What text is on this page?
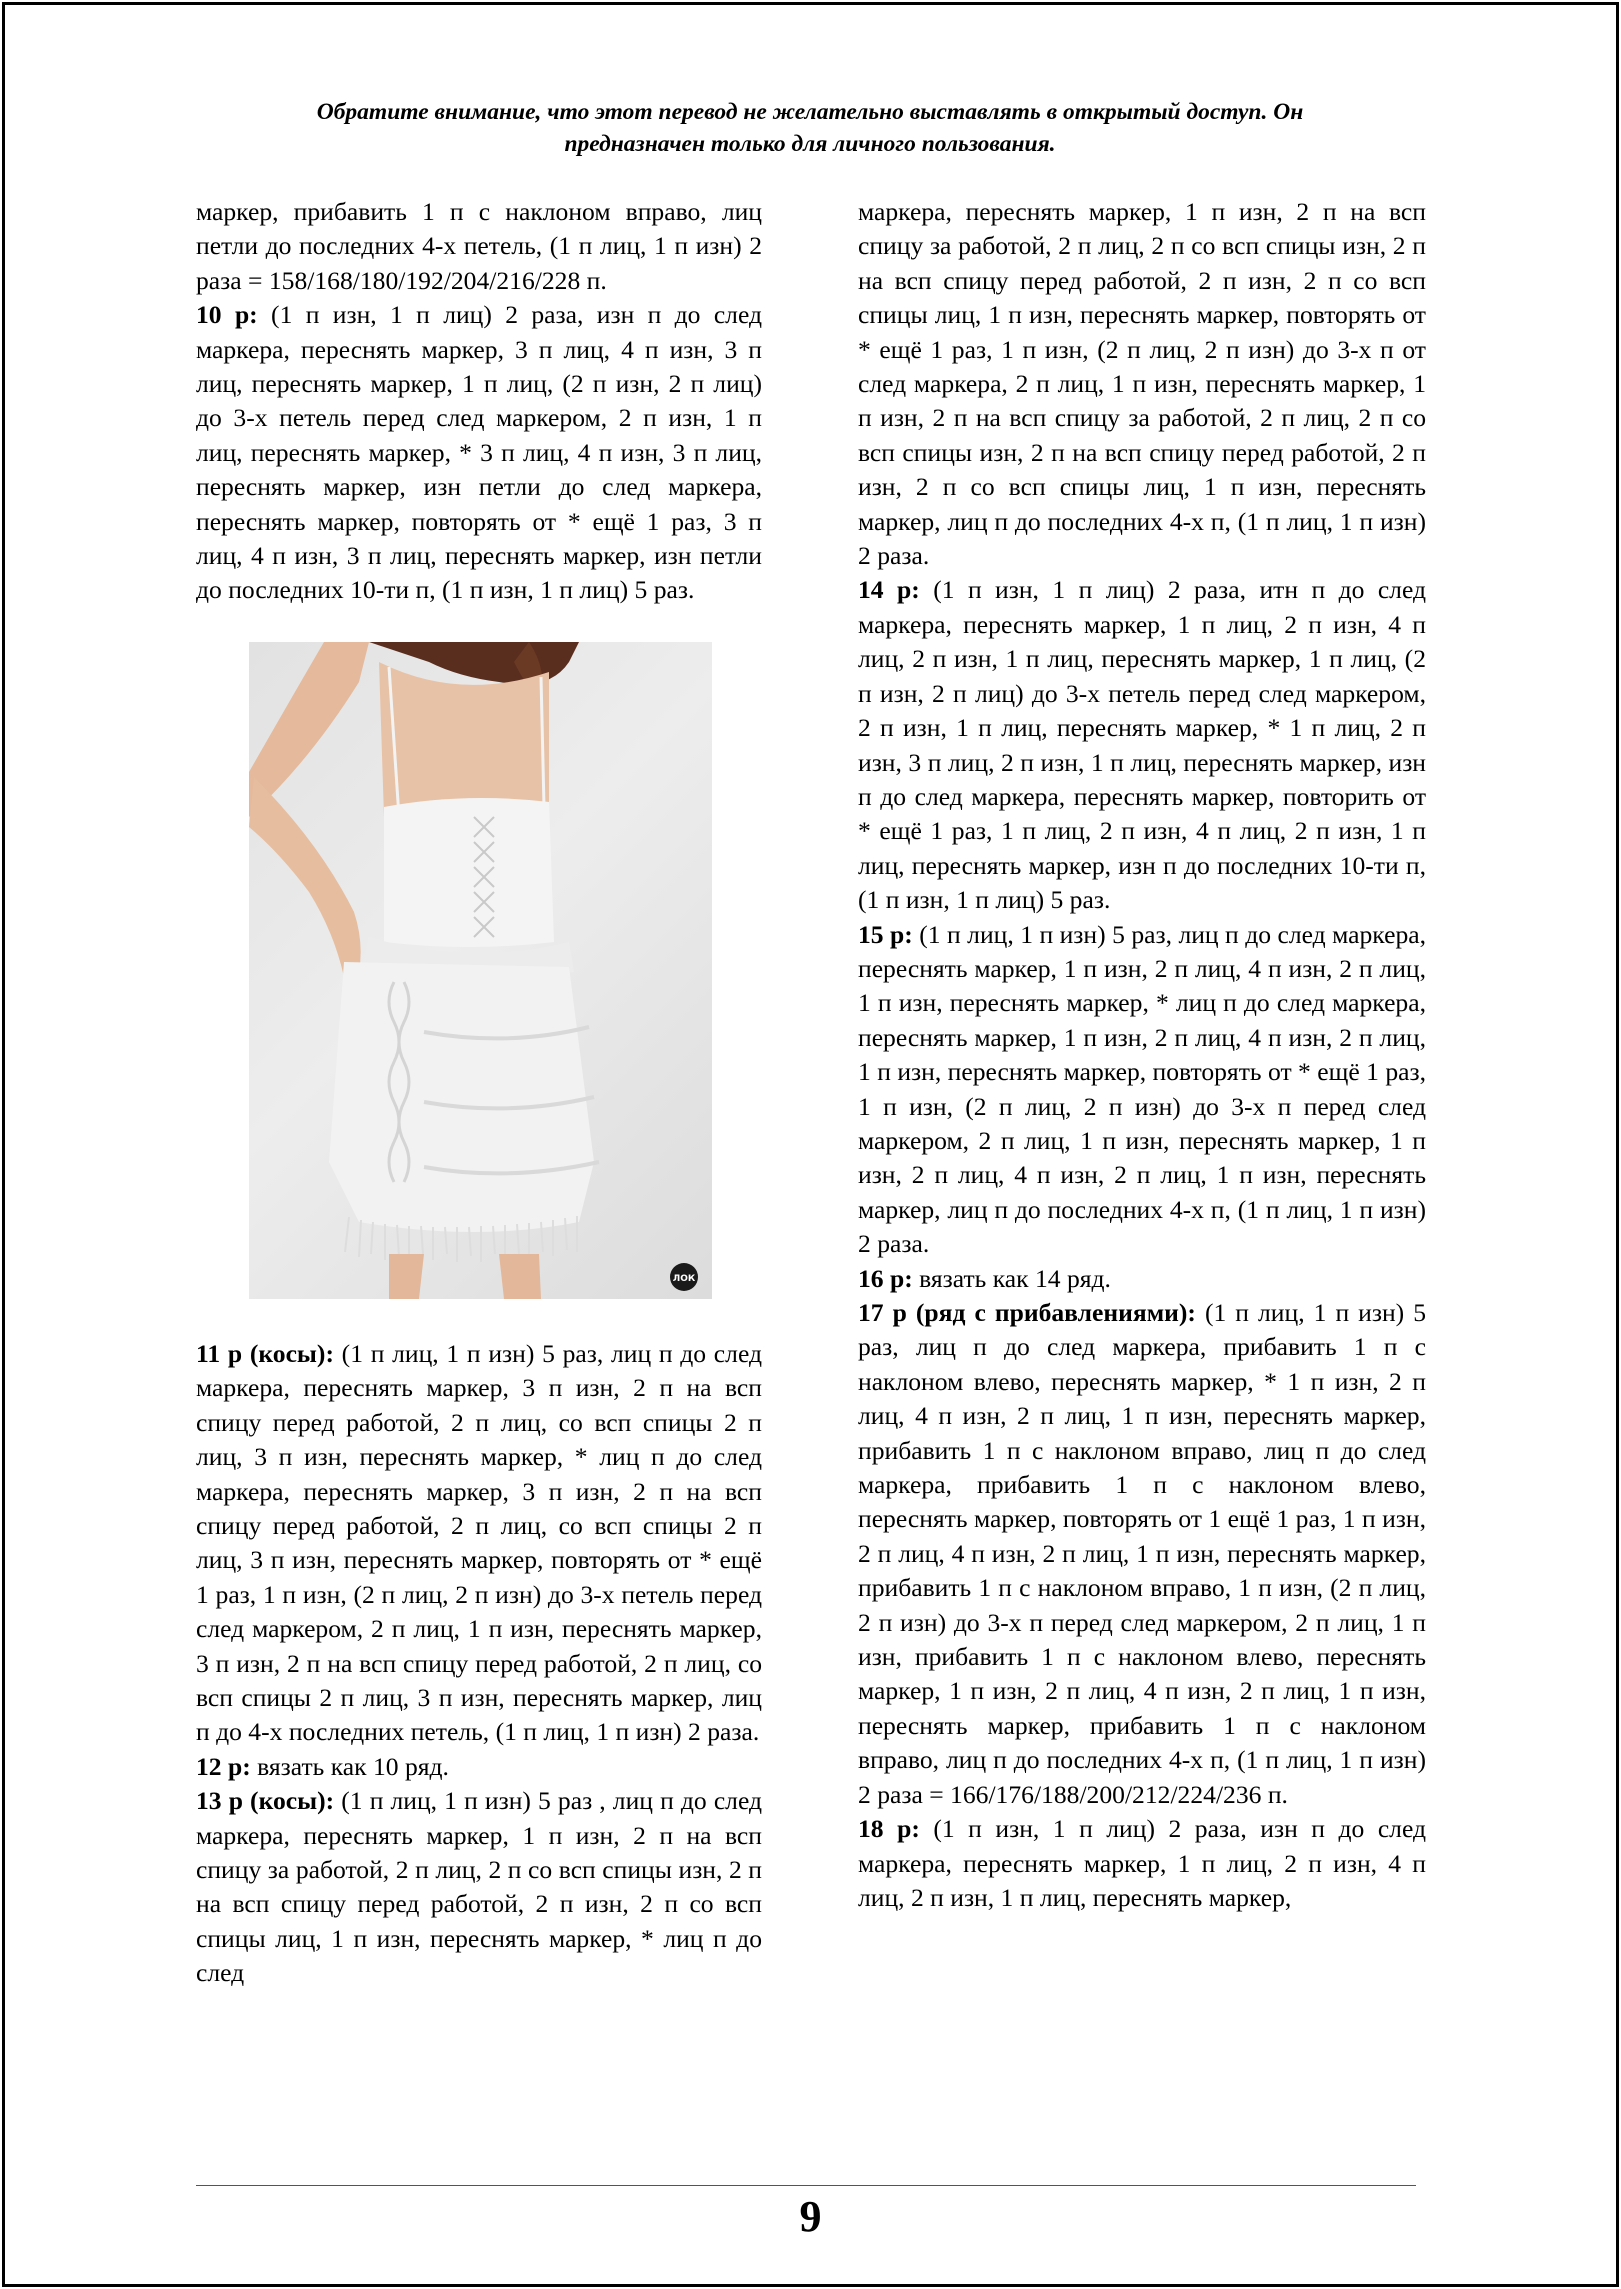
Обратите внимание, что этот перевод не желательно выставлять в открытый доступ. Он
предназначен только для личного пользования.

маркер, прибавить 1 п с наклоном вправо, лиц петли до последних 4-х петель, (1 п лиц, 1 п изн) 2 раза = 158/168/180/192/204/216/228 п.

10 р: (1 п изн, 1 п лиц) 2 раза, изн п до след маркера, переснять маркер, 3 п лиц, 4 п изн, 3 п лиц, переснять маркер, 1 п лиц, (2 п изн, 2 п лиц) до 3-х петель перед след маркером, 2 п изн, 1 п лиц, переснять маркер, * 3 п лиц, 4 п изн, 3 п лиц, переснять маркер, изн петли до след маркера, переснять маркер, повторять от * ещё 1 раз, 3 п лиц, 4 п изн, 3 п лиц, переснять маркер, изн петли до последних 10-ти п, (1 п изн, 1 п лиц) 5 раз.

ЛОК

11 р (косы): (1 п лиц, 1 п изн) 5 раз, лиц п до след маркера, переснять маркер, 3 п изн, 2 п на всп спицу перед работой, 2 п лиц, со всп спицы 2 п лиц, 3 п изн, переснять маркер, * лиц п до след маркера, переснять маркер, 3 п изн, 2 п на всп спицу перед работой, 2 п лиц, со всп спицы 2 п лиц, 3 п изн, переснять маркер, повторять от * ещё 1 раз, 1 п изн, (2 п лиц, 2 п изн) до 3-х петель перед след маркером, 2 п лиц, 1 п изн, переснять маркер, 3 п изн, 2 п на всп спицу перед работой, 2 п лиц, со всп спицы 2 п лиц, 3 п изн, переснять маркер, лиц п до 4-х последних петель, (1 п лиц, 1 п изн) 2 раза.

12 р: вязать как 10 ряд.

13 р (косы): (1 п лиц, 1 п изн) 5 раз , лиц п до след маркера, переснять маркер, 1 п изн, 2 п на всп спицу за работой, 2 п лиц, 2 п со всп спицы изн, 2 п на всп спицу перед работой, 2 п изн, 2 п со всп спицы лиц, 1 п изн, переснять маркер, * лиц п до след

маркера, переснять маркер, 1 п изн, 2 п на всп спицу за работой, 2 п лиц, 2 п со всп спицы изн, 2 п на всп спицу перед работой, 2 п изн, 2 п со всп спицы лиц, 1 п изн, переснять маркер, повторять от * ещё 1 раз, 1 п изн, (2 п лиц, 2 п изн) до 3-х п от след маркера, 2 п лиц, 1 п изн, переснять маркер, 1 п изн, 2 п на всп спицу за работой, 2 п лиц, 2 п со всп спицы изн, 2 п на всп спицу перед работой, 2 п изн, 2 п со всп спицы лиц, 1 п изн, переснять маркер, лиц п до последних 4-х п, (1 п лиц, 1 п изн) 2 раза.

14 р: (1 п изн, 1 п лиц) 2 раза, итн п до след маркера, переснять маркер, 1 п лиц, 2 п изн, 4 п лиц, 2 п изн, 1 п лиц, переснять маркер, 1 п лиц, (2 п изн, 2 п лиц) до 3-х петель перед след маркером, 2 п изн, 1 п лиц, переснять маркер, * 1 п лиц, 2 п изн, 3 п лиц, 2 п изн, 1 п лиц, переснять маркер, изн п до след маркера, переснять маркер, повторить от * ещё 1 раз, 1 п лиц, 2 п изн, 4 п лиц, 2 п изн, 1 п лиц, переснять маркер, изн п до последних 10-ти п, (1 п изн, 1 п лиц) 5 раз.

15 р: (1 п лиц, 1 п изн) 5 раз, лиц п до след маркера, переснять маркер, 1 п изн, 2 п лиц, 4 п изн, 2 п лиц, 1 п изн, переснять маркер, * лиц п до след маркера, переснять маркер, 1 п изн, 2 п лиц, 4 п изн, 2 п лиц, 1 п изн, переснять маркер, повторять от * ещё 1 раз, 1 п изн, (2 п лиц, 2 п изн) до 3-х п перед след маркером, 2 п лиц, 1 п изн, переснять маркер, 1 п изн, 2 п лиц, 4 п изн, 2 п лиц, 1 п изн, переснять маркер, лиц п до последних 4-х п, (1 п лиц, 1 п изн) 2 раза.

16 р: вязать как 14 ряд.

17 р (ряд с прибавлениями): (1 п лиц, 1 п изн) 5 раз, лиц п до след маркера, прибавить 1 п с наклоном влево, переснять маркер, * 1 п изн, 2 п лиц, 4 п изн, 2 п лиц, 1 п изн, переснять маркер, прибавить 1 п с наклоном вправо, лиц п до след маркера, прибавить 1 п с наклоном влево, переснять маркер, повторять от 1 ещё 1 раз, 1 п изн, 2 п лиц, 4 п изн, 2 п лиц, 1 п изн, переснять маркер, прибавить 1 п с наклоном вправо, 1 п изн, (2 п лиц, 2 п изн) до 3-х п перед след маркером, 2 п лиц, 1 п изн, прибавить 1 п с наклоном влево, переснять маркер, 1 п изн, 2 п лиц, 4 п изн, 2 п лиц, 1 п изн, переснять маркер, прибавить 1 п с наклоном вправо, лиц п до последних 4-х п, (1 п лиц, 1 п изн) 2 раза = 166/176/188/200/212/224/236 п.

18 р: (1 п изн, 1 п лиц) 2 раза, изн п до след маркера, переснять маркер, 1 п лиц, 2 п изн, 4 п лиц, 2 п изн, 1 п лиц, переснять маркер,

9
